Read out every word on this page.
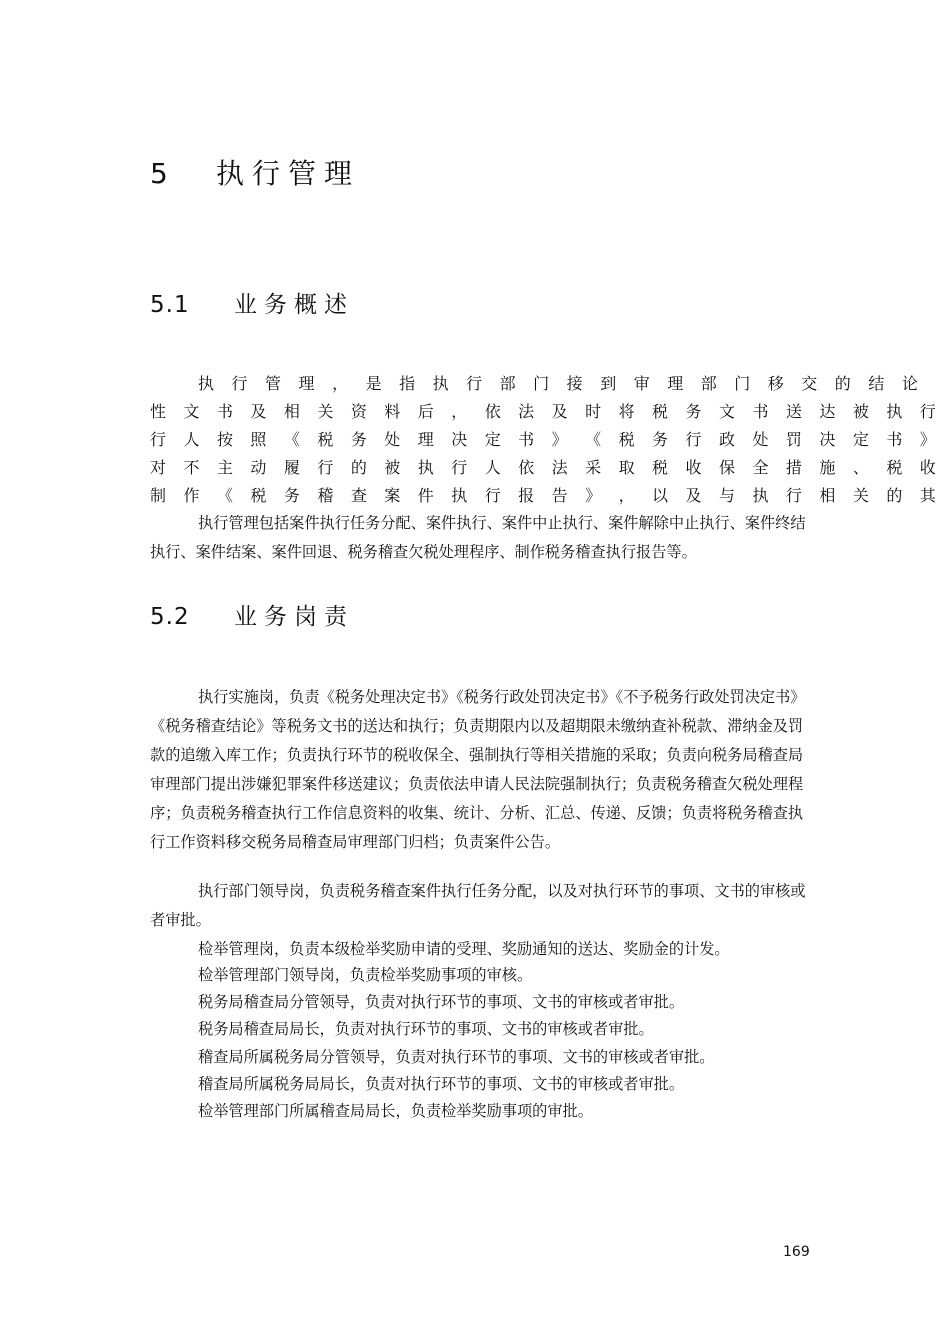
5 执行管理
5.1 业务概述
执 行 管 理 ， 是 指 执 行 部 门 接 到 审 理 部 门 移 交 的 结 论
性 文 书 及 相 关 资 料 后 ， 依 法 及 时 将 税 务 文 书 送 达 被 执 行
行 人 按 照 《 税 务 处 理 决 定 书 》 《 税 务 行 政 处 罚 决 定 书 》
对 不 主 动 履 行 的 被 执 行 人 依 法 采 取 税 收 保 全 措 施 、 税 收
制 作 《 税 务 稽 查 案 件 执 行 报 告 》 ， 以 及 与 执 行 相 关 的 其

执行管理包括案件执行任务分配、案件执行、案件中止执行、案件解除中止执行、案件终结执行、案件结案、案件回退、税务稽查欠税处理程序、制作税务稽查执行报告等。

5.2 业务岗责

执行实施岗，负责《税务处理决定书》《税务行政处罚决定书》《不予税务行政处罚决定书》《税务稽查结论》等税务文书的送达和执行；负责期限内以及超期限未缴纳查补税款、滞纳金及罚款的追缴入库工作；负责执行环节的税收保全、强制执行等相关措施的采取；负责向税务局稽查局审理部门提出涉嫌犯罪案件移送建议；负责依法申请人民法院强制执行；负责税务稽查欠税处理程序；负责税务稽查执行工作信息资料的收集、统计、分析、汇总、传递、反馈；负责将税务稽查执行工作资料移交税务局稽查局审理部门归档；负责案件公告。

执行部门领导岗，负责税务稽查案件执行任务分配，以及对执行环节的事项、文书的审核或者审批。

检举管理岗，负责本级检举奖励申请的受理、奖励通知的送达、奖励金的计发。
检举管理部门领导岗，负责检举奖励事项的审核。
税务局稽查局分管领导，负责对执行环节的事项、文书的审核或者审批。
税务局稽查局局长，负责对执行环节的事项、文书的审核或者审批。
稽查局所属税务局分管领导，负责对执行环节的事项、文书的审核或者审批。
稽查局所属税务局局长，负责对执行环节的事项、文书的审核或者审批。
检举管理部门所属稽查局局长，负责检举奖励事项的审批。
169
